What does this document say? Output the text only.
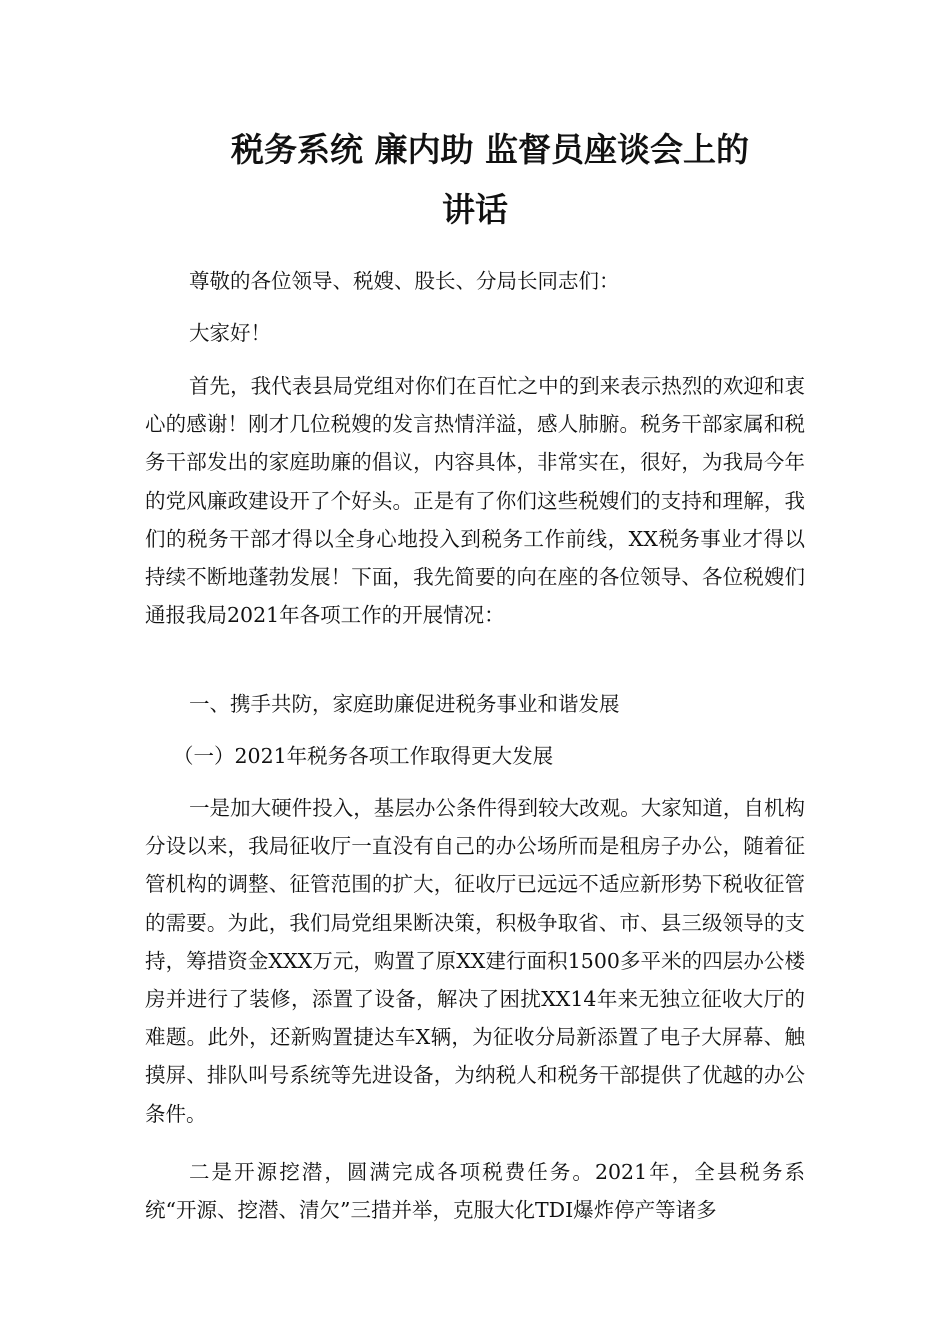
税务系统 廉内助 监督员座谈会上的
讲话

尊敬的各位领导、税嫂、股长、分局长同志们：

大家好！

首先，我代表县局党组对你们在百忙之中的到来表示热烈的欢迎和衷心的感谢！刚才几位税嫂的发言热情洋溢，感人肺腑。税务干部家属和税务干部发出的家庭助廉的倡议，内容具体，非常实在，很好，为我局今年的党风廉政建设开了个好头。正是有了你们这些税嫂们的支持和理解，我们的税务干部才得以全身心地投入到税务工作前线，XX税务事业才得以持续不断地蓬勃发展！下面，我先简要的向在座的各位领导、各位税嫂们通报我局2021年各项工作的开展情况：

一、携手共防，家庭助廉促进税务事业和谐发展

（一）2021年税务各项工作取得更大发展

一是加大硬件投入，基层办公条件得到较大改观。大家知道，自机构分设以来，我局征收厅一直没有自己的办公场所而是租房子办公，随着征管机构的调整、征管范围的扩大，征收厅已远远不适应新形势下税收征管的需要。为此，我们局党组果断决策，积极争取省、市、县三级领导的支持，筹措资金XXX万元，购置了原XX建行面积1500多平米的四层办公楼房并进行了装修，添置了设备，解决了困扰XX14年来无独立征收大厅的难题。此外，还新购置捷达车X辆，为征收分局新添置了电子大屏幕、触摸屏、排队叫号系统等先进设备，为纳税人和税务干部提供了优越的办公条件。

二是开源挖潜，圆满完成各项税费任务。2021年，全县税务系统“开源、挖潜、清欠”三措并举，克服大化TDI爆炸停产等诸多
